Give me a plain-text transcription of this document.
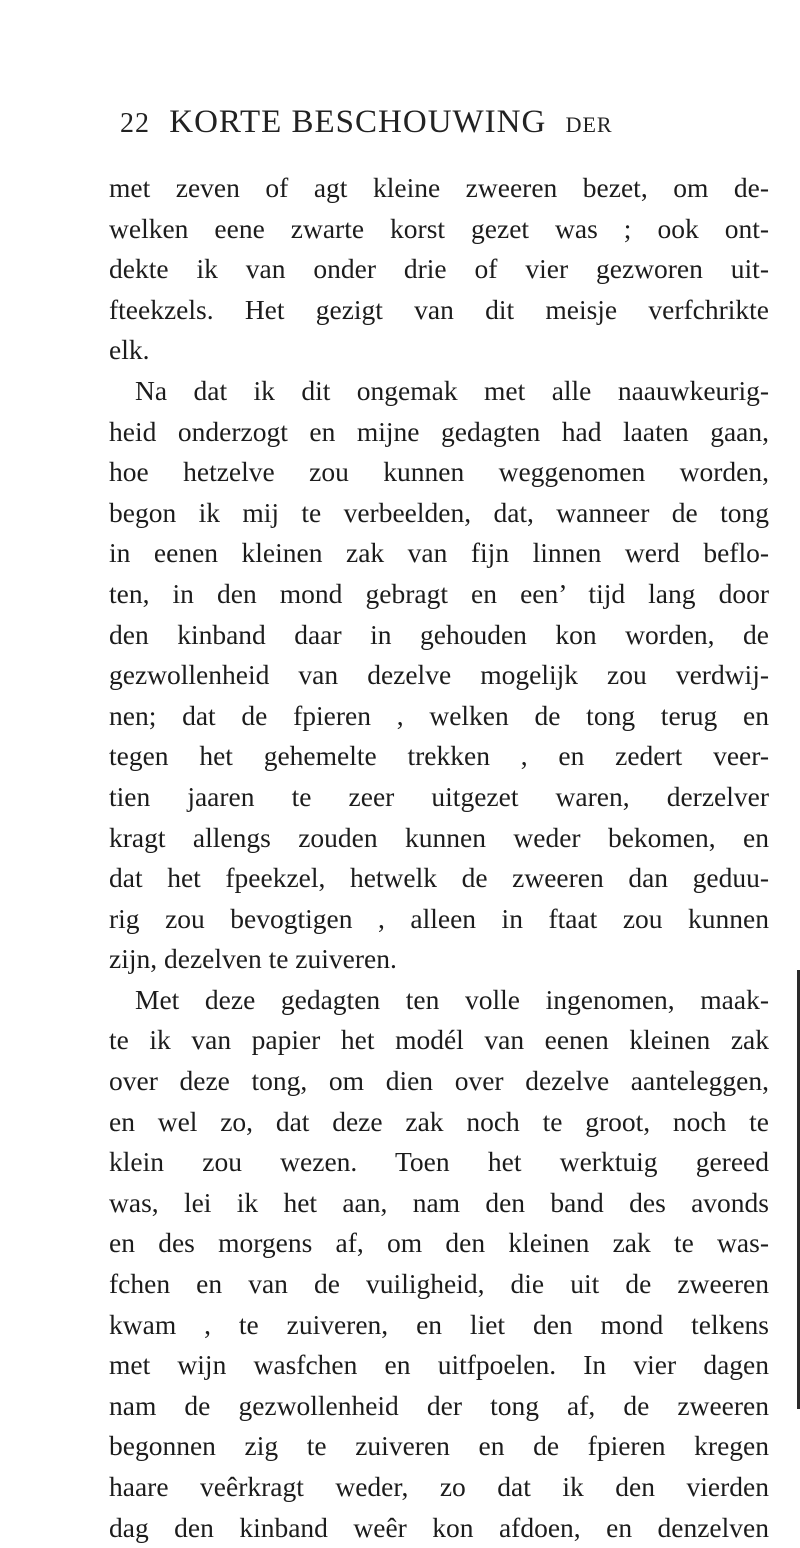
22 KORTE BESCHOUWING DER
met zeven of agt kleine zweeren bezet, om de-
welken eene zwarte korst gezet was ; ook ont-
dekte ik van onder drie of vier gezworen uit-
fteekzels. Het gezigt van dit meisje verfchrikte
elk.
Na dat ik dit ongemak met alle naauwkeurig-
heid onderzogt en mijne gedagten had laaten gaan,
hoe hetzelve zou kunnen weggenomen worden,
begon ik mij te verbeelden, dat, wanneer de tong
in eenen kleinen zak van fijn linnen werd beflo-
ten, in den mond gebragt en een’ tijd lang door
den kinband daar in gehouden kon worden, de
gezwollenheid van dezelve mogelijk zou verdwij-
nen; dat de fpieren , welken de tong terug en
tegen het gehemelte trekken , en zedert veer-
tien jaaren te zeer uitgezet waren, derzelver
kragt allengs zouden kunnen weder bekomen, en
dat het fpeekzel, hetwelk de zweeren dan geduu-
rig zou bevogtigen , alleen in ftaat zou kunnen
zijn, dezelven te zuiveren.
Met deze gedagten ten volle ingenomen, maak-
te ik van papier het modél van eenen kleinen zak
over deze tong, om dien over dezelve aanteleggen,
en wel zo, dat deze zak noch te groot, noch te
klein zou wezen. Toen het werktuig gereed
was, lei ik het aan, nam den band des avonds
en des morgens af, om den kleinen zak te was-
fchen en van de vuiligheid, die uit de zweeren
kwam , te zuiveren, en liet den mond telkens
met wijn wasfchen en uitfpoelen. In vier dagen
nam de gezwollenheid der tong af, de zweeren
begonnen zig te zuiveren en de fpieren kregen
haare veêrkragt weder, zo dat ik den vierden
dag den kinband weêr kon afdoen, en denzelven
